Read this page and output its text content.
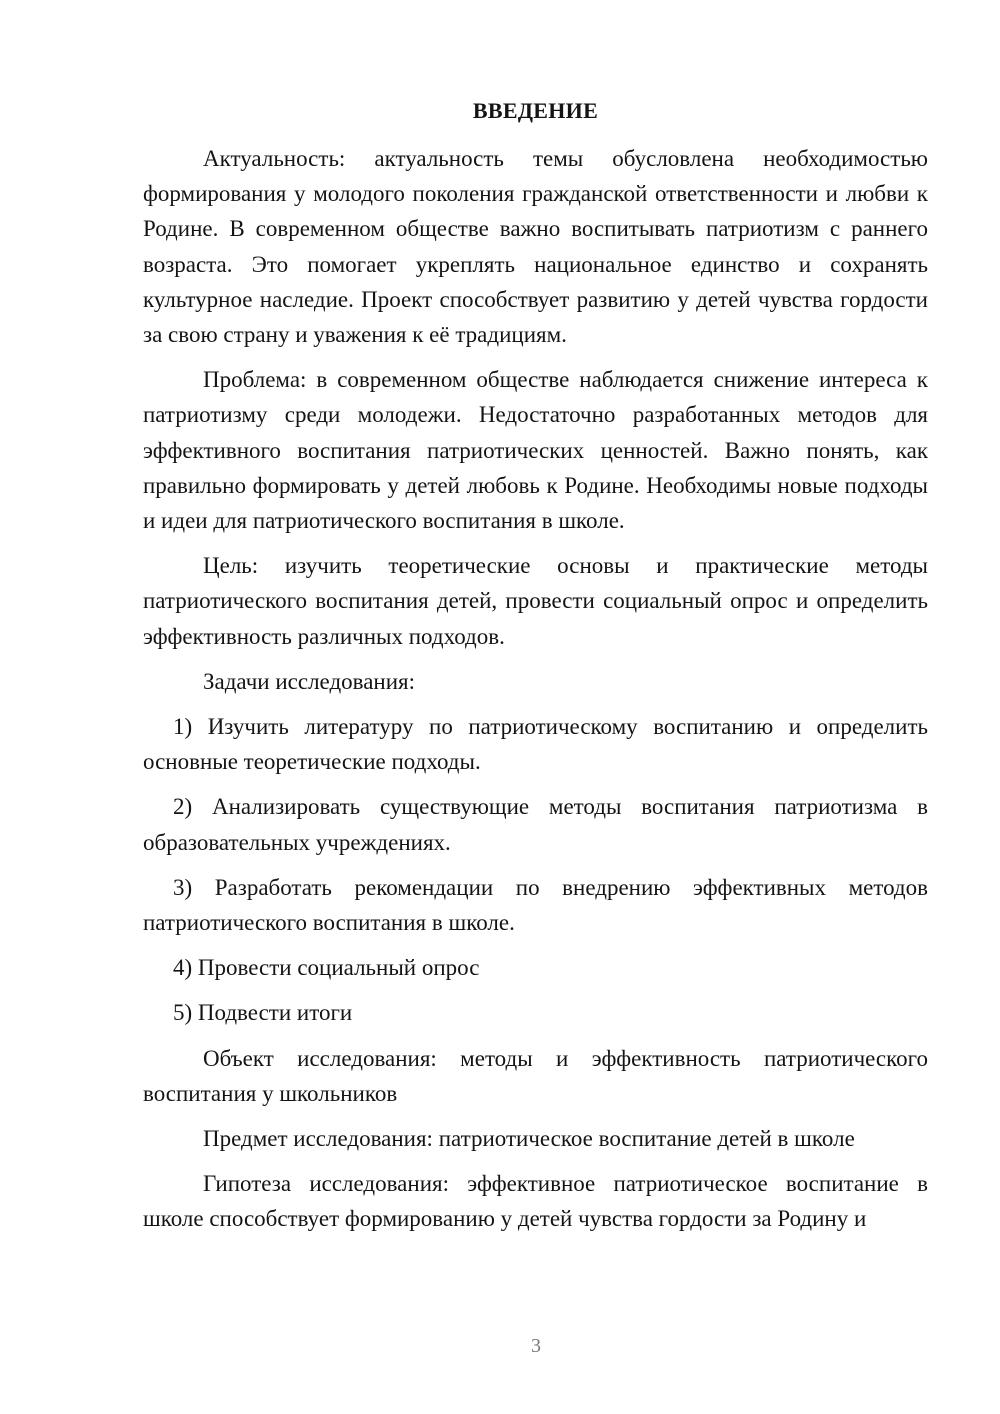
ВВЕДЕНИЕ

Актуальность: актуальность темы обусловлена необходимостью формирования у молодого поколения гражданской ответственности и любви к Родине. В современном обществе важно воспитывать патриотизм с раннего возраста. Это помогает укреплять национальное единство и сохранять культурное наследие. Проект способствует развитию у детей чувства гордости за свою страну и уважения к её традициям.

Проблема: в современном обществе наблюдается снижение интереса к патриотизму среди молодежи. Недостаточно разработанных методов для эффективного воспитания патриотических ценностей. Важно понять, как правильно формировать у детей любовь к Родине. Необходимы новые подходы и идеи для патриотического воспитания в школе.

Цель: изучить теоретические основы и практические методы патриотического воспитания детей, провести социальный опрос и определить эффективность различных подходов.

Задачи исследования:

1) Изучить литературу по патриотическому воспитанию и определить основные теоретические подходы.

2) Анализировать существующие методы воспитания патриотизма в образовательных учреждениях.

3) Разработать рекомендации по внедрению эффективных методов патриотического воспитания в школе.

4) Провести социальный опрос

5) Подвести итоги

Объект исследования: методы и эффективность патриотического воспитания у школьников

Предмет исследования: патриотическое воспитание детей в школе

Гипотеза исследования: эффективное патриотическое воспитание в школе способствует формированию у детей чувства гордости за Родину и

3
